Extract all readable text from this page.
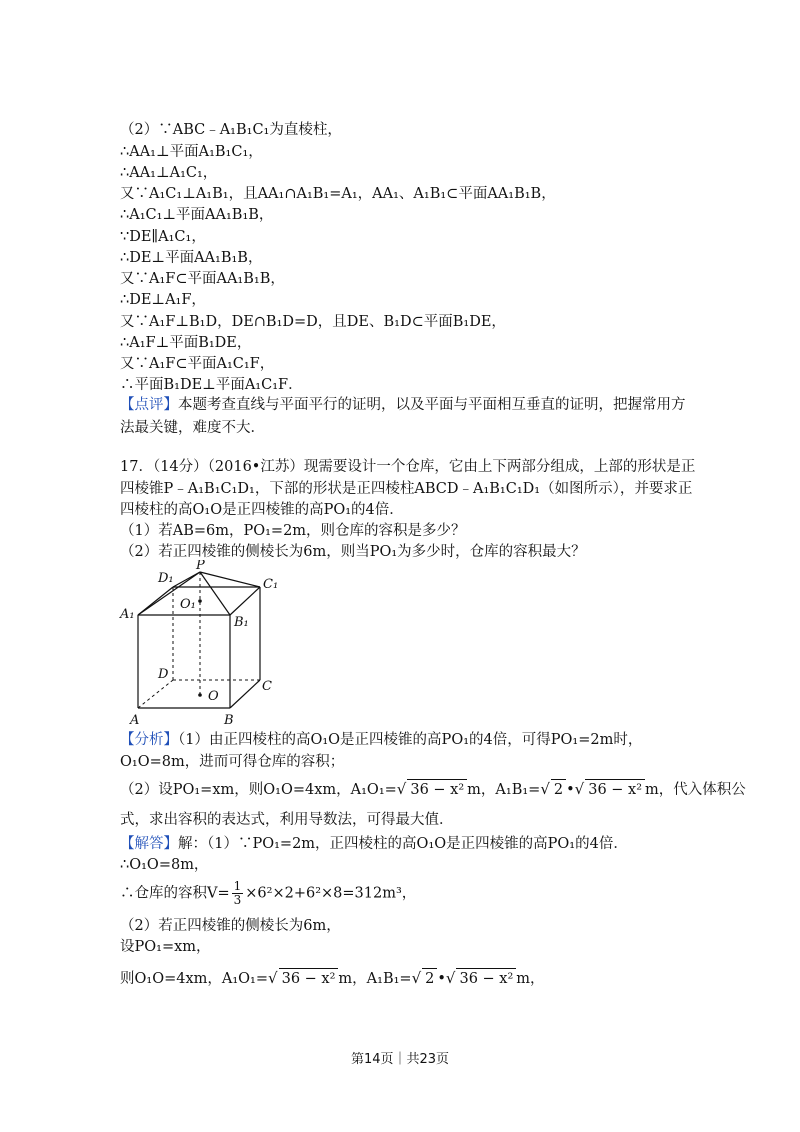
（2）∵ABC﹣A₁B₁C₁为直棱柱，
∴AA₁⊥平面A₁B₁C₁，
∴AA₁⊥A₁C₁，
又∵A₁C₁⊥A₁B₁，且AA₁∩A₁B₁=A₁，AA₁、A₁B₁⊂平面AA₁B₁B，
∴A₁C₁⊥平面AA₁B₁B，
∵DE∥A₁C₁，
∴DE⊥平面AA₁B₁B，
又∵A₁F⊂平面AA₁B₁B，
∴DE⊥A₁F，
又∵A₁F⊥B₁D，DE∩B₁D=D，且DE、B₁D⊂平面B₁DE，
∴A₁F⊥平面B₁DE，
又∵A₁F⊂平面A₁C₁F，
∴平面B₁DE⊥平面A₁C₁F．
【点评】本题考查直线与平面平行的证明，以及平面与平面相互垂直的证明，把握常用方
法最关键，难度不大．
17．（14分）（2016•江苏）现需要设计一个仓库，它由上下两部分组成，上部的形状是正
四棱锥P﹣A₁B₁C₁D₁，下部的形状是正四棱柱ABCD﹣A₁B₁C₁D₁（如图所示），并要求正
四棱柱的高O₁O是正四棱锥的高PO₁的4倍．
（1）若AB=6m，PO₁=2m，则仓库的容积是多少？
（2）若正四棱锥的侧棱长为6m，则当PO₁为多少时，仓库的容积最大？
P
D₁	C₁
O₁
A₁
B₁
D
C
O
A	B
【分析】（1）由正四棱柱的高O₁O是正四棱锥的高PO₁的4倍，可得PO₁=2m时，
O₁O=8m，进而可得仓库的容积；
（2）设PO₁=xm，则O₁O=4xm，A₁O₁=√ 36 − x² m，A₁B₁=√ 2 •√ 36 − x² m，代入体积公
式，求出容积的表达式，利用导数法，可得最大值．
【解答】解：（1）∵PO₁=2m，正四棱柱的高O₁O是正四棱锥的高PO₁的4倍．
∴O₁O=8m，
∴仓库的容积$V= \frac{1}{3} \times 6^2\times 2+6^2\times 8=312m^3$，
（2）若正四棱锥的侧棱长为6m，
设PO₁=xm，
则O₁O=4xm，A₁O₁=√ 36 − x² m，A₁B₁=√ 2 •√ 36 − x² m，
第14页｜共23页
